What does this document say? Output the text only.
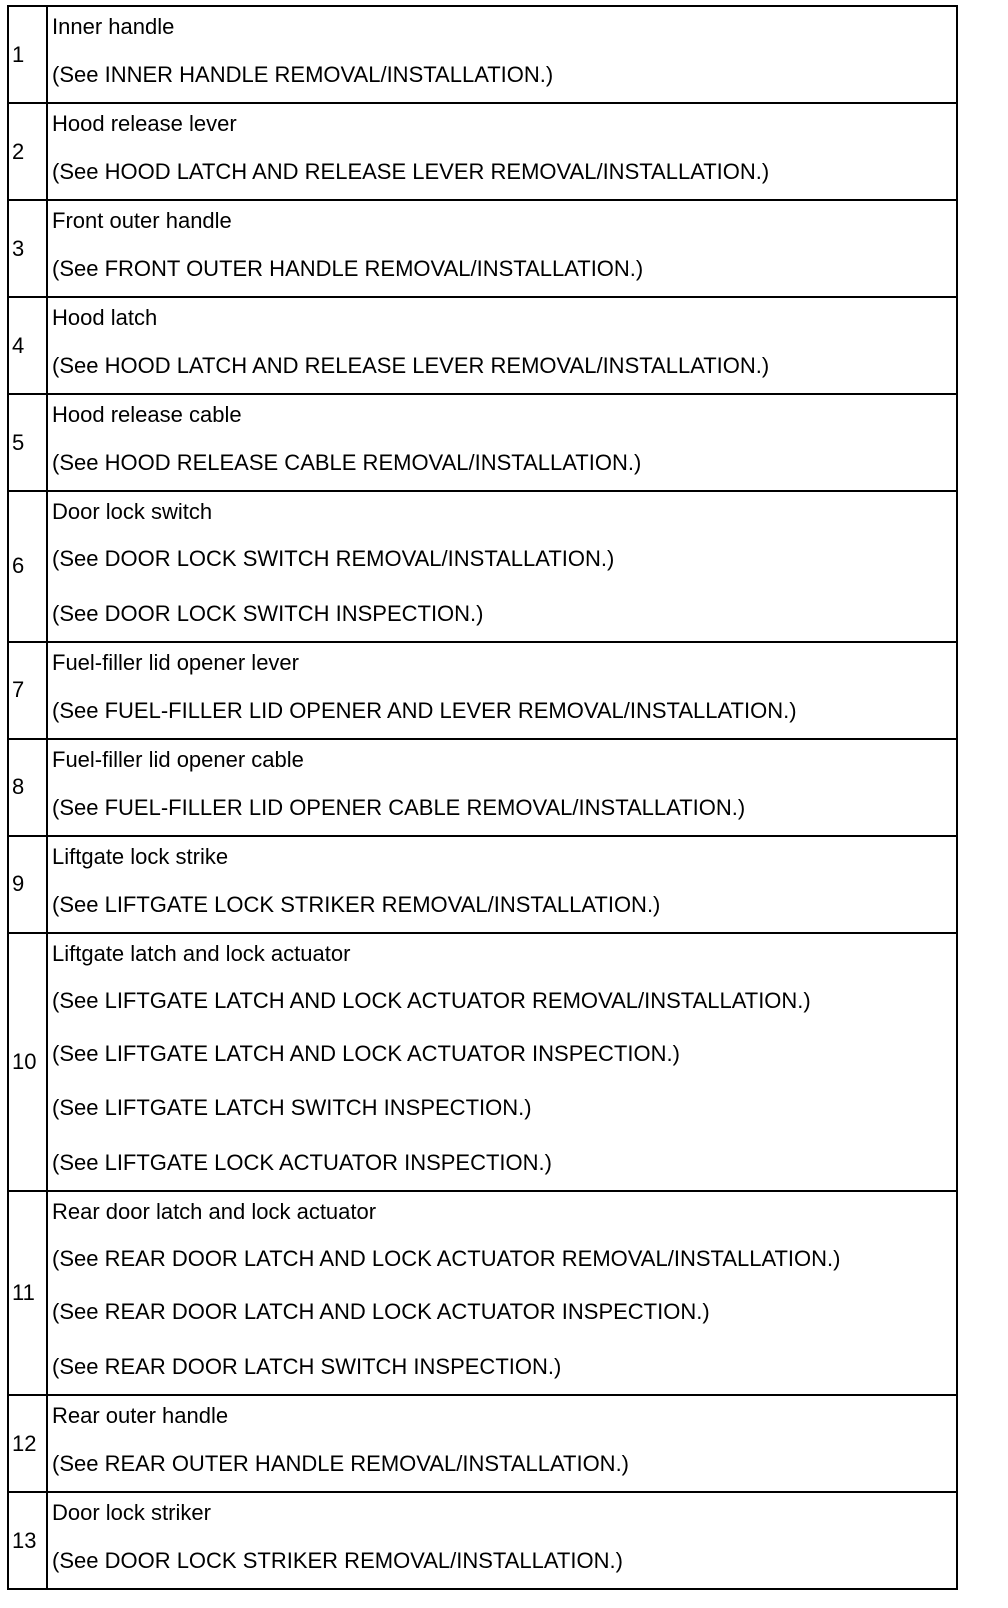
1	Inner handle
(See INNER HANDLE REMOVAL/INSTALLATION.)

2	Hood release lever
(See HOOD LATCH AND RELEASE LEVER REMOVAL/INSTALLATION.)

3	Front outer handle
(See FRONT OUTER HANDLE REMOVAL/INSTALLATION.)

4	Hood latch
(See HOOD LATCH AND RELEASE LEVER REMOVAL/INSTALLATION.)

5	Hood release cable
(See HOOD RELEASE CABLE REMOVAL/INSTALLATION.)

6	Door lock switch
(See DOOR LOCK SWITCH REMOVAL/INSTALLATION.)
(See DOOR LOCK SWITCH INSPECTION.)

7	Fuel-filler lid opener lever
(See FUEL-FILLER LID OPENER AND LEVER REMOVAL/INSTALLATION.)

8	Fuel-filler lid opener cable
(See FUEL-FILLER LID OPENER CABLE REMOVAL/INSTALLATION.)

9	Liftgate lock strike
(See LIFTGATE LOCK STRIKER REMOVAL/INSTALLATION.)

10	Liftgate latch and lock actuator
(See LIFTGATE LATCH AND LOCK ACTUATOR REMOVAL/INSTALLATION.)
(See LIFTGATE LATCH AND LOCK ACTUATOR INSPECTION.)
(See LIFTGATE LATCH SWITCH INSPECTION.)
(See LIFTGATE LOCK ACTUATOR INSPECTION.)

11	Rear door latch and lock actuator
(See REAR DOOR LATCH AND LOCK ACTUATOR REMOVAL/INSTALLATION.)
(See REAR DOOR LATCH AND LOCK ACTUATOR INSPECTION.)
(See REAR DOOR LATCH SWITCH INSPECTION.)

12	Rear outer handle
(See REAR OUTER HANDLE REMOVAL/INSTALLATION.)

13	Door lock striker
(See DOOR LOCK STRIKER REMOVAL/INSTALLATION.)
